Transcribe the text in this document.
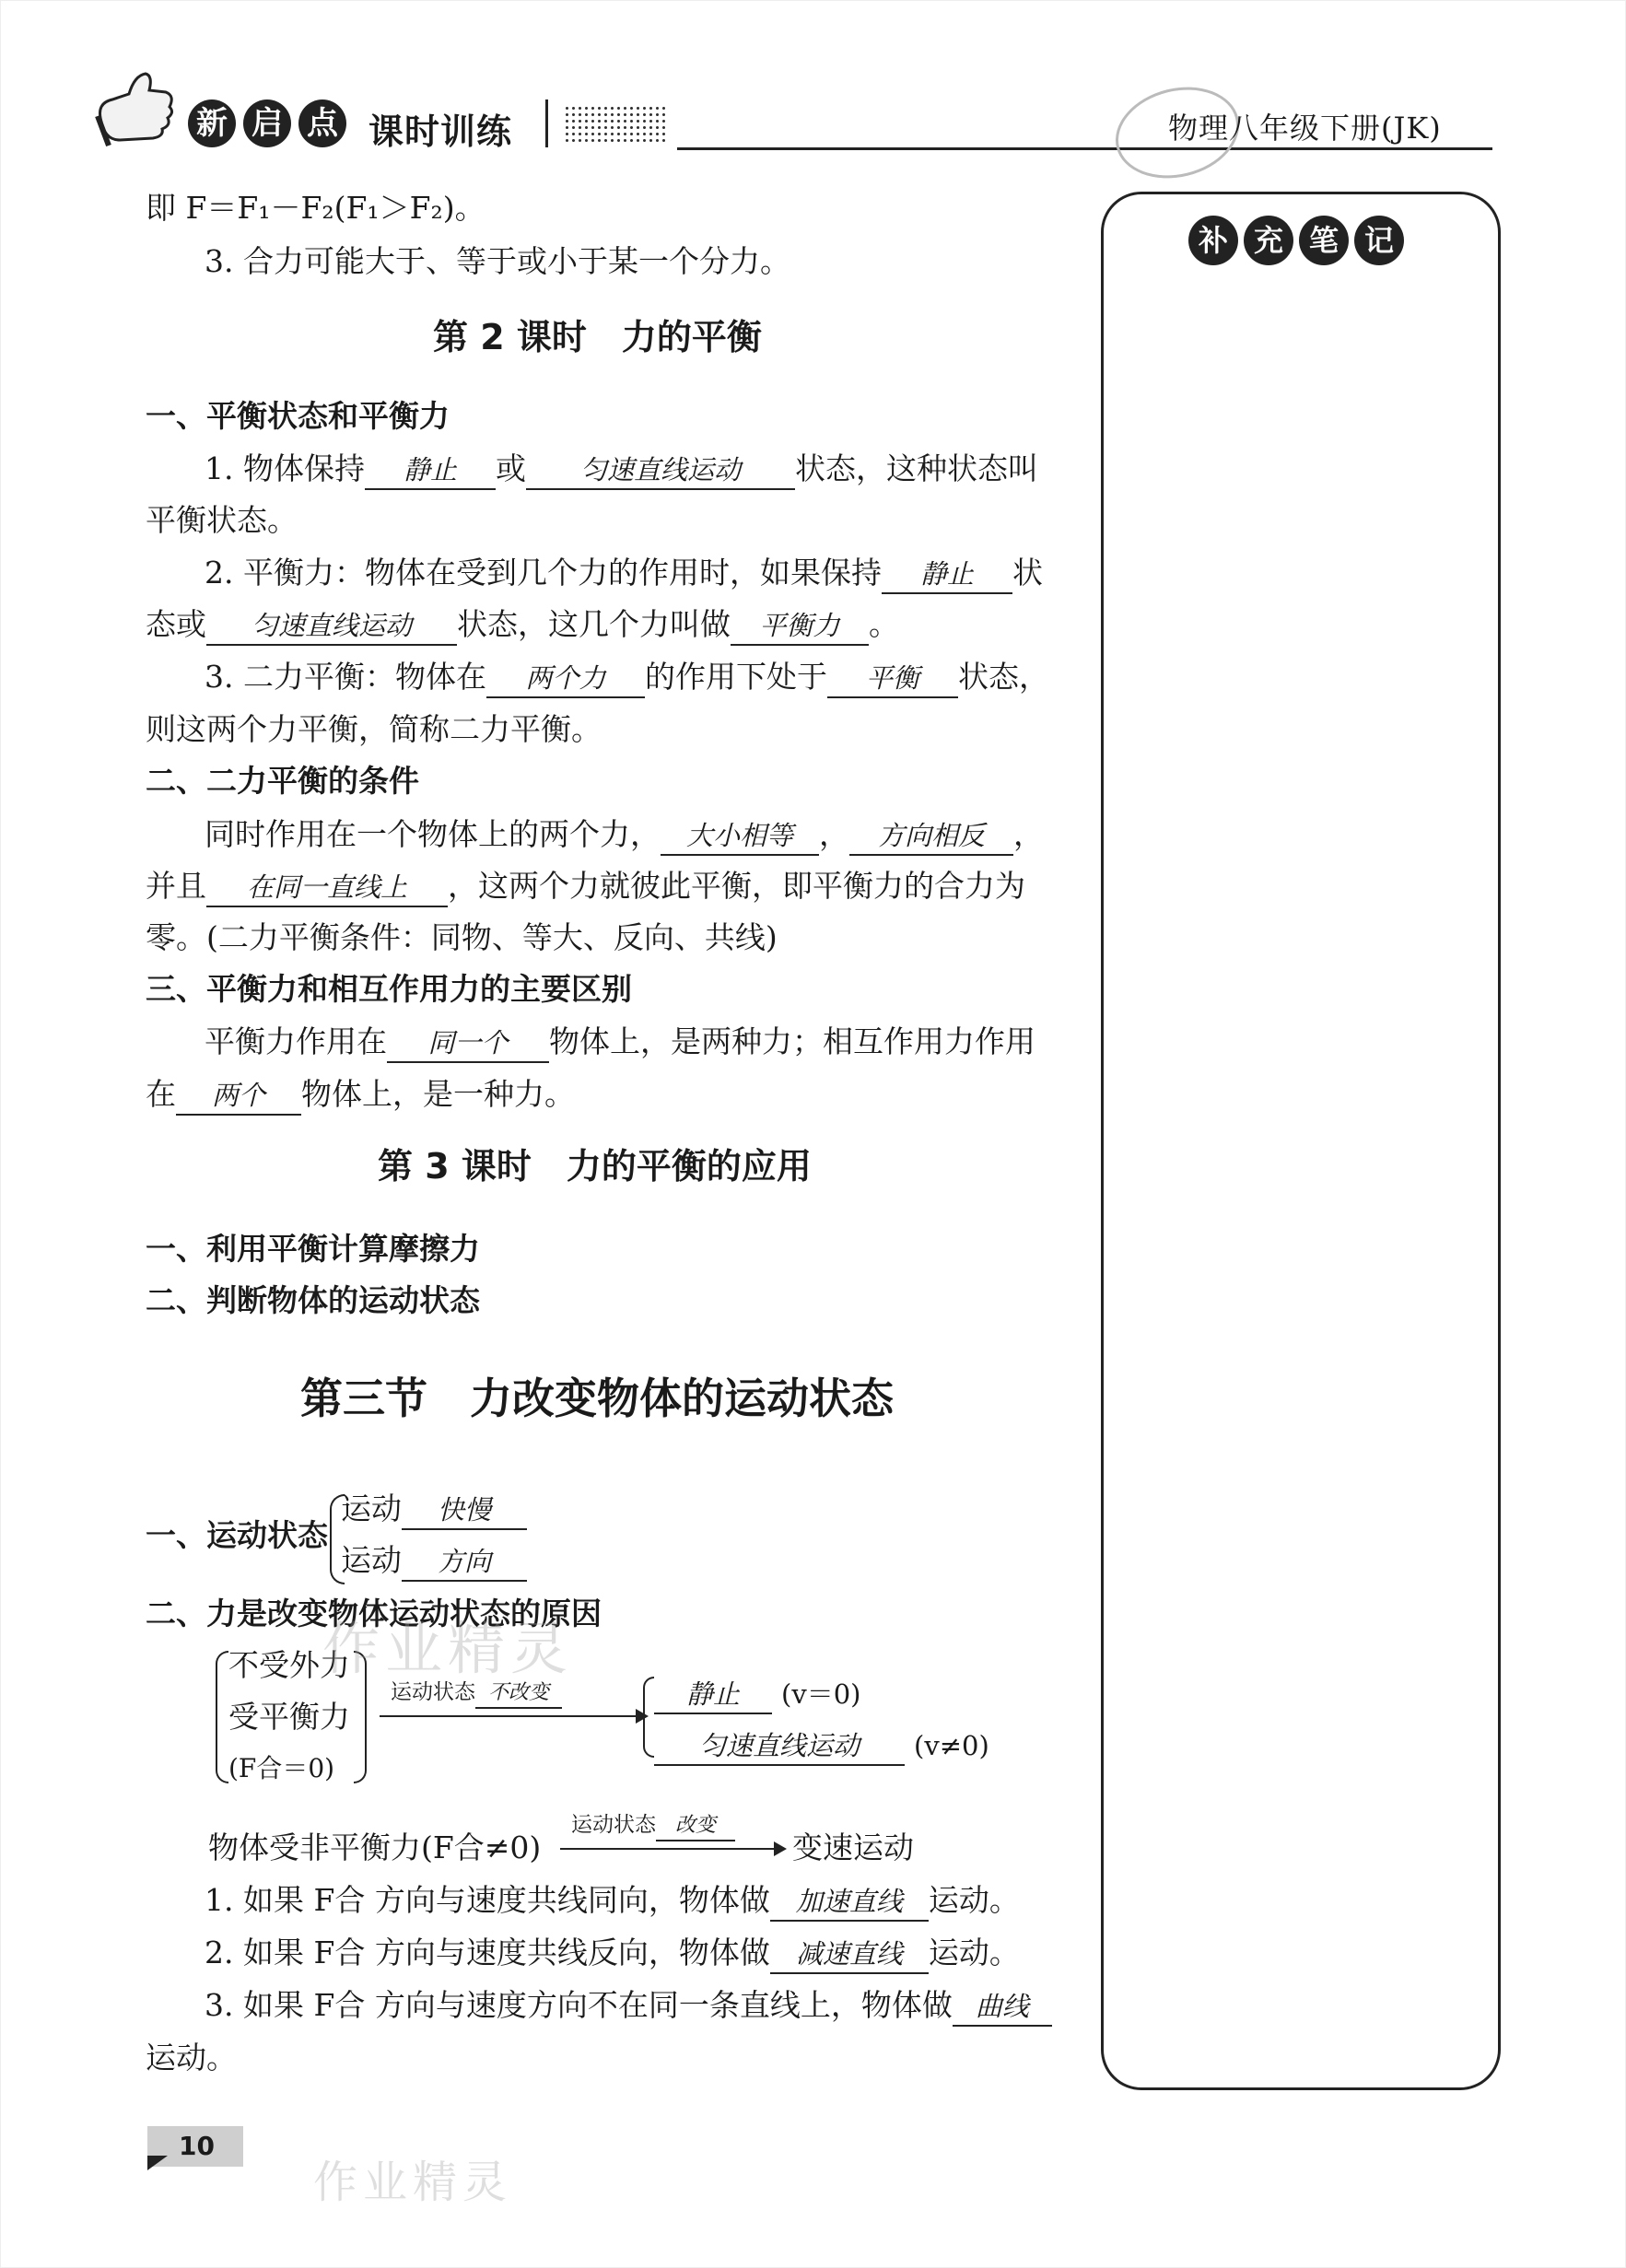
新 启 点 课时训练	物理八年级下册(JK)
补 充 笔 记
即 F＝F₁－F₂(F₁＞F₂)。
3. 合力可能大于、等于或小于某一个分力。
第 2 课时　力的平衡
一、平衡状态和平衡力
1. 物体保持 静止 或 匀速直线运动 状态，这种状态叫
平衡状态。
2. 平衡力：物体在受到几个力的作用时，如果保持 静止 状
态或 匀速直线运动 状态，这几个力叫做 平衡力 。
3. 二力平衡：物体在 两个力 的作用下处于 平衡 状态，
则这两个力平衡，简称二力平衡。
二、二力平衡的条件
同时作用在一个物体上的两个力， 大小相等 ， 方向相反 ，
并且 在同一直线上 ，这两个力就彼此平衡，即平衡力的合力为
零。(二力平衡条件：同物、等大、反向、共线)
三、平衡力和相互作用力的主要区别
平衡力作用在 同一个 物体上，是两种力；相互作用力作用
在 两个 物体上，是一种力。
第 3 课时　力的平衡的应用
一、利用平衡计算摩擦力
二、判断物体的运动状态
第三节　力改变物体的运动状态
一、运动状态
运动 快慢
运动 方向
二、力是改变物体运动状态的原因
不受外力
受平衡力
(F合＝0)
运动状态 不改变	静止 (v＝0)
匀速直线运动 (v≠0)
物体受非平衡力(F合≠0)
运动状态 改变
变速运动
1. 如果 F合 方向与速度共线同向，物体做 加速直线 运动。
2. 如果 F合 方向与速度共线反向，物体做 减速直线 运动。
3. 如果 F合 方向与速度方向不在同一条直线上，物体做 曲线
运动。
作业精灵
作业精灵
10
